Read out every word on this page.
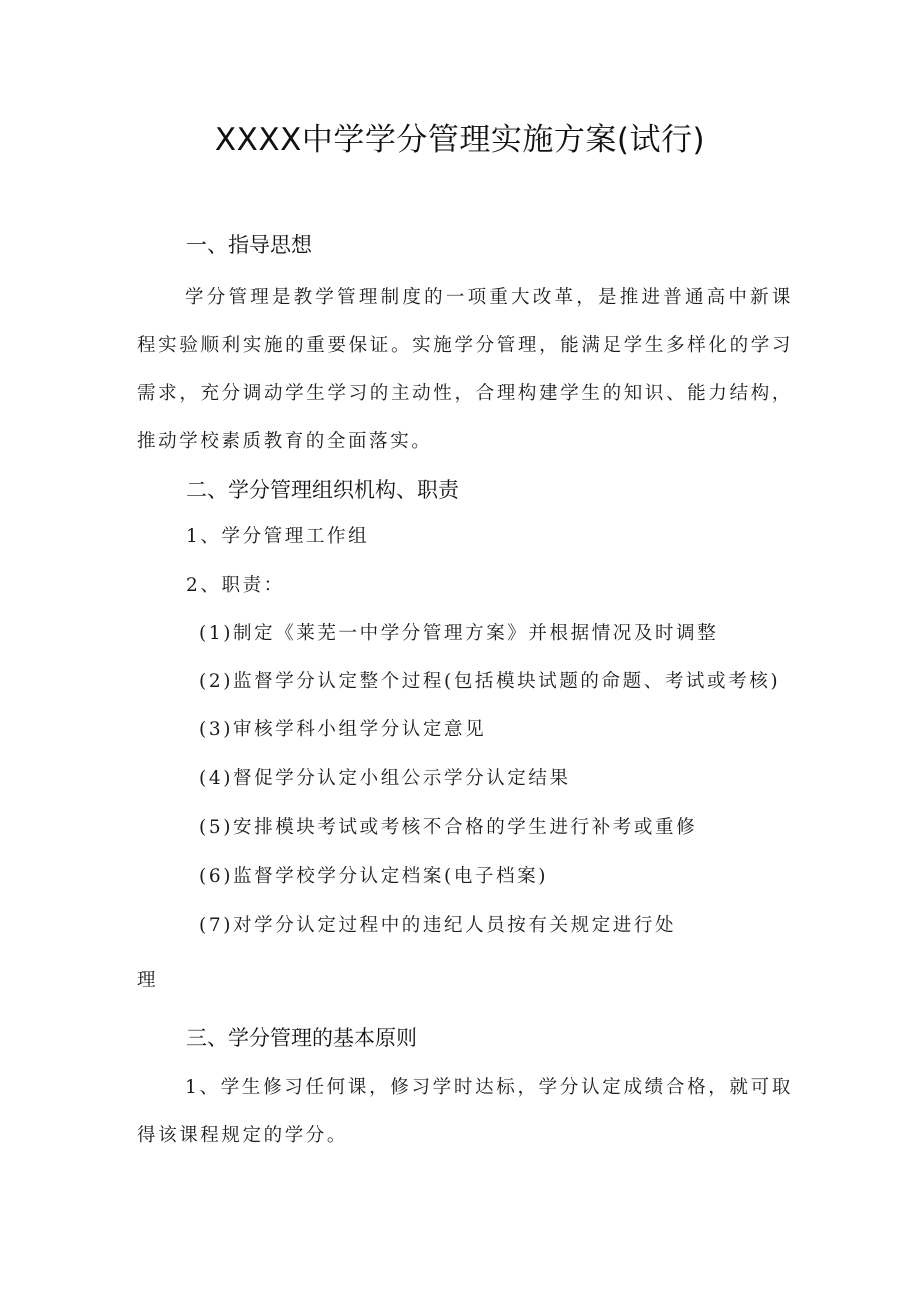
XXXX中学学分管理实施方案(试行)
一、指导思想
学分管理是教学管理制度的一项重大改革，是推进普通高中新课程实验顺利实施的重要保证。实施学分管理，能满足学生多样化的学习需求，充分调动学生学习的主动性，合理构建学生的知识、能力结构，推动学校素质教育的全面落实。
二、学分管理组织机构、职责
1、学分管理工作组
2、职责：
(1)制定《莱芜一中学分管理方案》并根据情况及时调整
(2)监督学分认定整个过程(包括模块试题的命题、考试或考核)
(3)审核学科小组学分认定意见
(4)督促学分认定小组公示学分认定结果
(5)安排模块考试或考核不合格的学生进行补考或重修
(6)监督学校学分认定档案(电子档案)
(7)对学分认定过程中的违纪人员按有关规定进行处
理
三、学分管理的基本原则
1、学生修习任何课，修习学时达标，学分认定成绩合格，就可取得该课程规定的学分。
